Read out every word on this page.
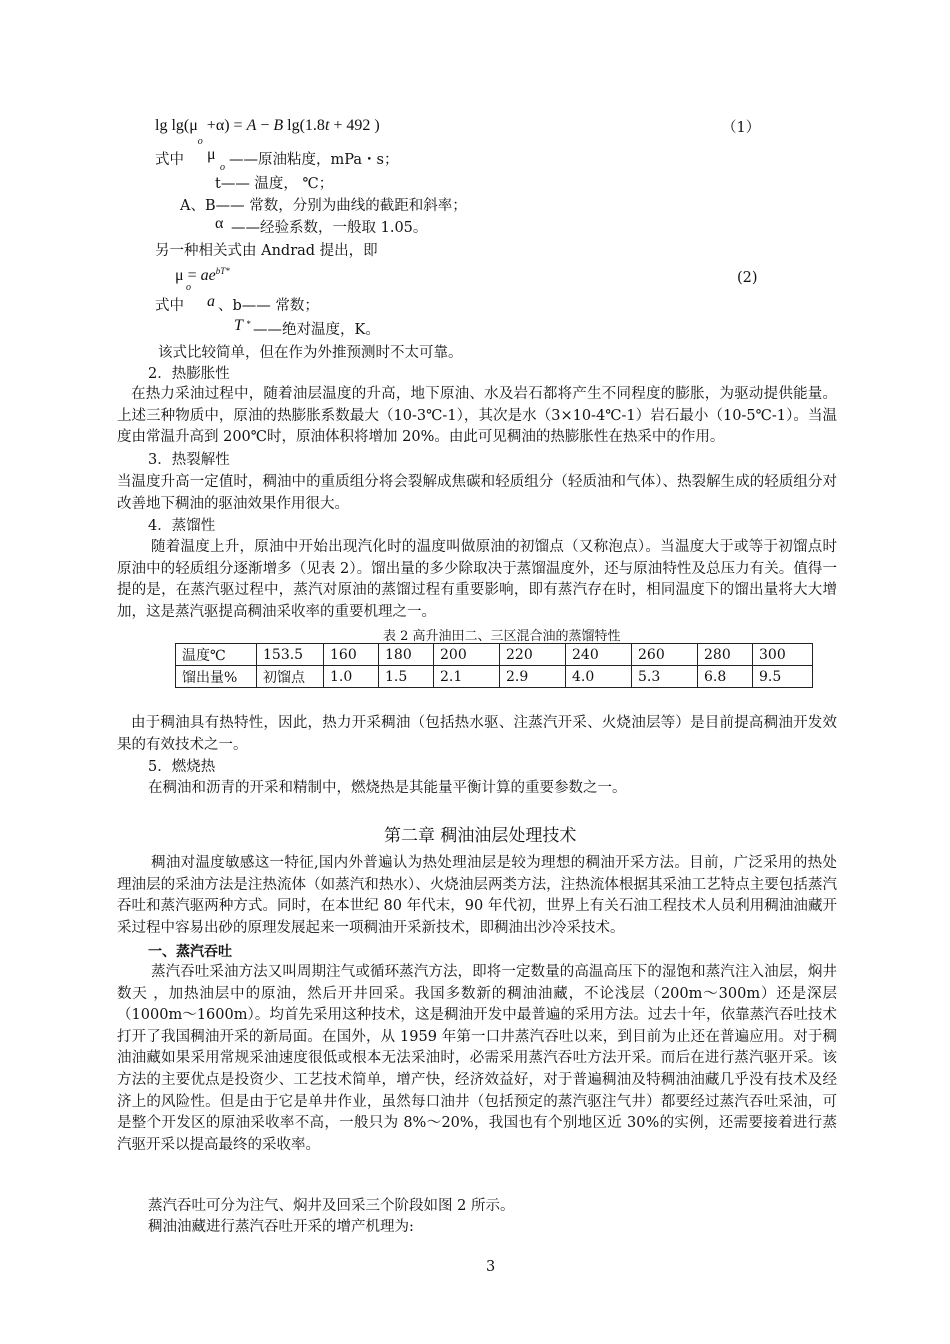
$\lg \lg(\mu_o +\alpha) = A - B$ lg(1.8t + 492 )	（1）
式中 μ
o ——原油粘度，mPa・s；
t—— 温度， ℃；
A、B—— 常数，分别为曲线的截距和斜率；
α ——经验系数，一般取 1.05。
另一种相关式由 Andrad 提出，即
$\mu = ae^{bT*}$
o
(2)
式中 a 、b—— 常数；
T * ——绝对温度，K。
该式比较简单，但在作为外推预测时不太可靠。
2．热膨胀性

在热力采油过程中，随着油层温度的升高，地下原油、水及岩石都将产生不同程度的膨胀，为驱动提供能量。上述三种物质中，原油的热膨胀系数最大（10-3℃-1），其次是水（3×10-4℃-1）岩石最小（10-5℃-1）。当温度由常温升高到 200℃时，原油体积将增加 20%。由此可见稠油的热膨胀性在热采中的作用。

3．热裂解性

当温度升高一定值时，稠油中的重质组分将会裂解成焦碳和轻质组分（轻质油和气体）、热裂解生成的轻质组分对改善地下稠油的驱油效果作用很大。

4．蒸馏性

随着温度上升，原油中开始出现汽化时的温度叫做原油的初馏点（又称泡点）。当温度大于或等于初馏点时原油中的轻质组分逐渐增多（见表 2）。馏出量的多少除取决于蒸馏温度外，还与原油特性及总压力有关。值得一提的是，在蒸汽驱过程中，蒸汽对原油的蒸馏过程有重要影响，即有蒸汽存在时，相同温度下的馏出量将大大增加，这是蒸汽驱提高稠油采收率的重要机理之一。

表 2 高升油田二、三区混合油的蒸馏特性
温度℃	153.5	160	180	200	220	240	260	280	300
馏出量%	初馏点	1.0	1.5	2.1	2.9	4.0	5.3	6.8	9.5

由于稠油具有热特性，因此，热力开采稠油（包括热水驱、注蒸汽开采、火烧油层等）是目前提高稠油开发效果的有效技术之一。

5．燃烧热
在稠油和沥青的开采和精制中，燃烧热是其能量平衡计算的重要参数之一。
第二章 稠油油层处理技术

稠油对温度敏感这一特征,国内外普遍认为热处理油层是较为理想的稠油开采方法。目前，广泛采用的热处理油层的采油方法是注热流体（如蒸汽和热水）、火烧油层两类方法，注热流体根据其采油工艺特点主要包括蒸汽吞吐和蒸汽驱两种方式。同时，在本世纪 80 年代末，90 年代初，世界上有关石油工程技术人员利用稠油油藏开采过程中容易出砂的原理发展起来一项稠油开采新技术，即稠油出沙冷采技术。

一、蒸汽吞吐

蒸汽吞吐采油方法又叫周期注气或循环蒸汽方法，即将一定数量的高温高压下的湿饱和蒸汽注入油层，焖井数天 ，加热油层中的原油，然后开井回采。我国多数新的稠油油藏，不论浅层（200m～300m）还是深层（1000m～1600m）。均首先采用这种技术，这是稠油开发中最普遍的采用方法。过去十年，依靠蒸汽吞吐技术打开了我国稠油开采的新局面。在国外，从 1959 年第一口井蒸汽吞吐以来，到目前为止还在普遍应用。对于稠油油藏如果采用常规采油速度很低或根本无法采油时，必需采用蒸汽吞吐方法开采。而后在进行蒸汽驱开采。该方法的主要优点是投资少、工艺技术简单，增产快，经济效益好，对于普遍稠油及特稠油油藏几乎没有技术及经济上的风险性。但是由于它是单井作业，虽然每口油井（包括预定的蒸汽驱注气井）都要经过蒸汽吞吐采油，可是整个开发区的原油采收率不高，一般只为 8%～20%，我国也有个别地区近 30%的实例，还需要接着进行蒸汽驱开采以提高最终的采收率。

蒸汽吞吐可分为注气、焖井及回采三个阶段如图 2 所示。
稠油油藏进行蒸汽吞吐开采的增产机理为:
3
